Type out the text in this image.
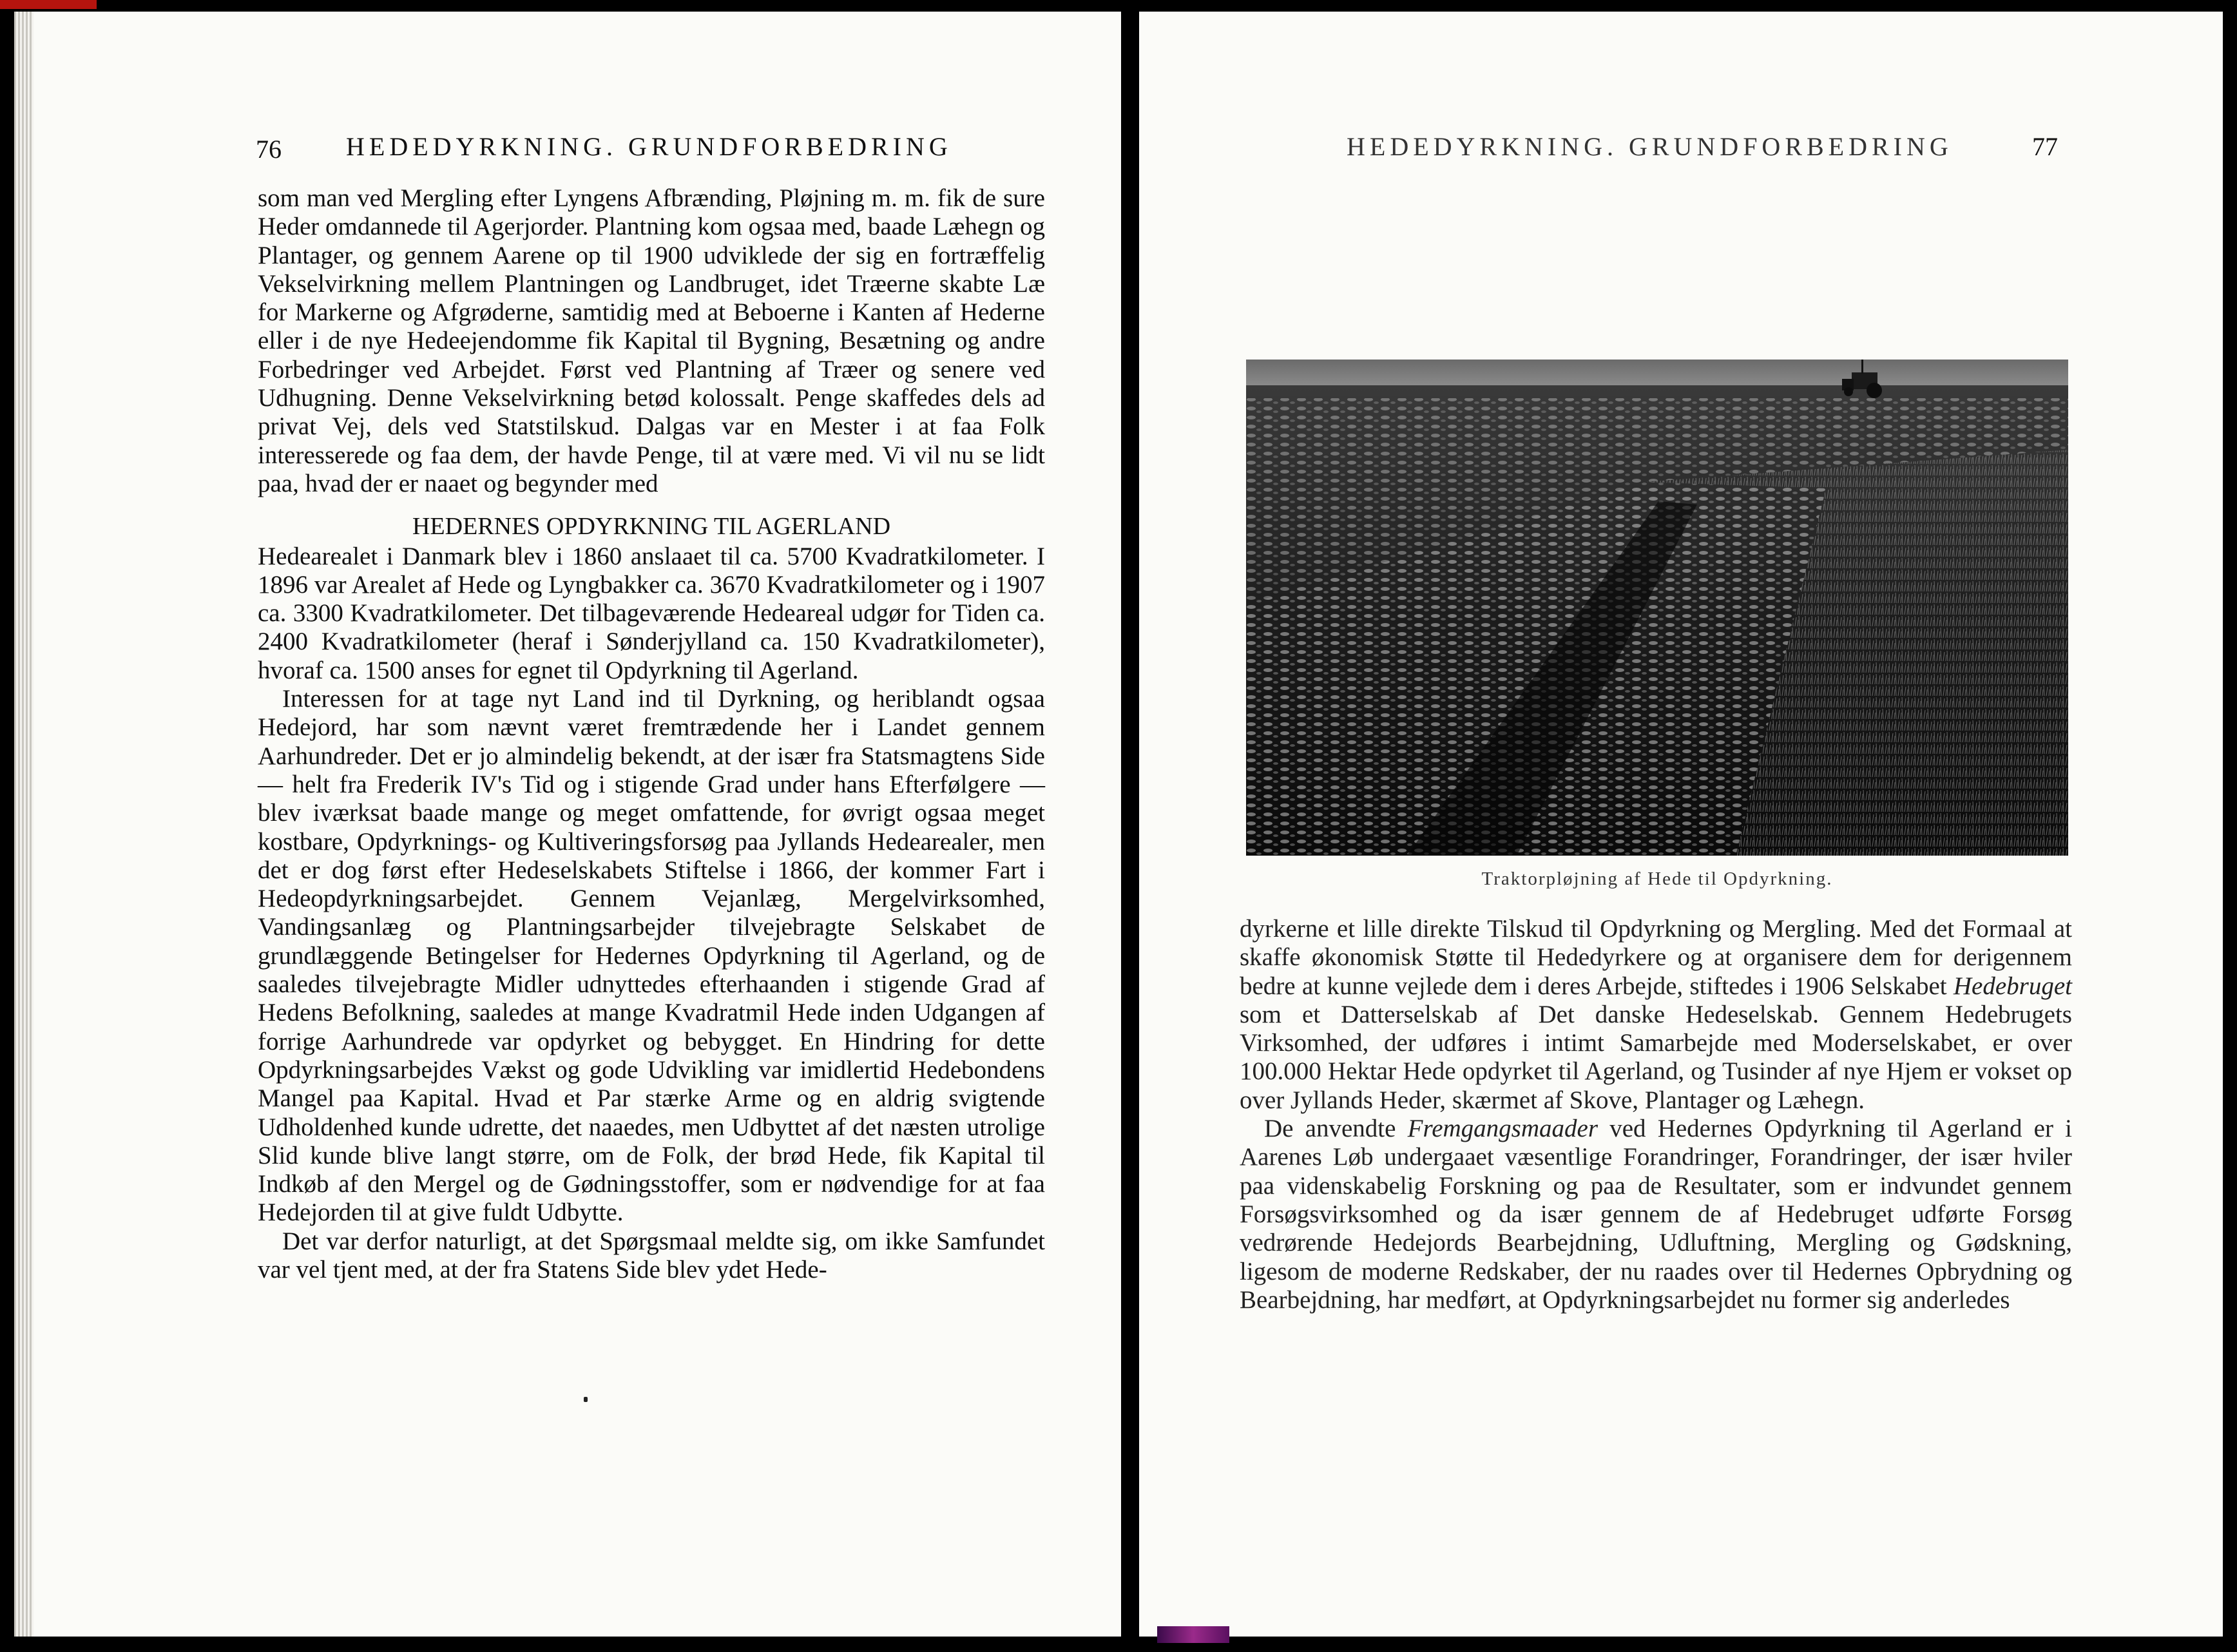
76	HEDEDYRKNING. GRUNDFORBEDRING

som man ved Mergling efter Lyngens Afbrænding, Pløjning m. m. fik de sure Heder omdannede til Agerjorder. Plantning kom ogsaa med, baade Læhegn og Plantager, og gennem Aarene op til 1900 udviklede der sig en fortræffelig Vekselvirkning mellem Plantningen og Landbruget, idet Træerne skabte Læ for Markerne og Afgrøderne, samtidig med at Beboerne i Kanten af Hederne eller i de nye Hedeejendomme fik Kapital til Bygning, Besætning og andre Forbedringer ved Arbejdet. Først ved Plantning af Træer og senere ved Udhugning. Denne Vekselvirkning betød kolossalt. Penge skaffedes dels ad privat Vej, dels ved Statstilskud. Dalgas var en Mester i at faa Folk interesserede og faa dem, der havde Penge, til at være med. Vi vil nu se lidt paa, hvad der er naaet og begynder med

HEDERNES OPDYRKNING TIL AGERLAND

Hedearealet i Danmark blev i 1860 anslaaet til ca. 5700 Kvadratkilometer. I 1896 var Arealet af Hede og Lyngbakker ca. 3670 Kvadratkilometer og i 1907 ca. 3300 Kvadratkilometer. Det tilbageværende Hedeareal udgør for Tiden ca. 2400 Kvadratkilometer (heraf i Sønderjylland ca. 150 Kvadratkilometer), hvoraf ca. 1500 anses for egnet til Opdyrkning til Agerland.

Interessen for at tage nyt Land ind til Dyrkning, og heriblandt ogsaa Hedejord, har som nævnt været fremtrædende her i Landet gennem Aarhundreder. Det er jo almindelig bekendt, at der især fra Statsmagtens Side — helt fra Frederik IV's Tid og i stigende Grad under hans Efterfølgere — blev iværksat baade mange og meget omfattende, for øvrigt ogsaa meget kostbare, Opdyrknings- og Kultiveringsforsøg paa Jyllands Hedearealer, men det er dog først efter Hedeselskabets Stiftelse i 1866, der kommer Fart i Hedeopdyrkningsarbejdet. Gennem Vejanlæg, Mergelvirksomhed, Vandingsanlæg og Plantningsarbejder tilvejebragte Selskabet de grundlæggende Betingelser for Hedernes Opdyrkning til Agerland, og de saaledes tilvejebragte Midler udnyttedes efterhaanden i stigende Grad af Hedens Befolkning, saaledes at mange Kvadratmil Hede inden Udgangen af forrige Aarhundrede var opdyrket og bebygget. En Hindring for dette Opdyrkningsarbejdes Vækst og gode Udvikling var imidlertid Hedebondens Mangel paa Kapital. Hvad et Par stærke Arme og en aldrig svigtende Udholdenhed kunde udrette, det naaedes, men Udbyttet af det næsten utrolige Slid kunde blive langt større, om de Folk, der brød Hede, fik Kapital til Indkøb af den Mergel og de Gødningsstoffer, som er nødvendige for at faa Hedejorden til at give fuldt Udbytte.

Det var derfor naturligt, at det Spørgsmaal meldte sig, om ikke Samfundet var vel tjent med, at der fra Statens Side blev ydet Hede-

HEDEDYRKNING. GRUNDFORBEDRING	77
Traktorpløjning af Hede til Opdyrkning.

dyrkerne et lille direkte Tilskud til Opdyrkning og Mergling. Med det Formaal at skaffe økonomisk Støtte til Hededyrkere og at organisere dem for derigennem bedre at kunne vejlede dem i deres Arbejde, stiftedes i 1906 Selskabet Hedebruget som et Datterselskab af Det danske Hedeselskab. Gennem Hedebrugets Virksomhed, der udføres i intimt Samarbejde med Moderselskabet, er over 100.000 Hektar Hede opdyrket til Agerland, og Tusinder af nye Hjem er vokset op over Jyllands Heder, skærmet af Skove, Plantager og Læhegn.

De anvendte Fremgangsmaader ved Hedernes Opdyrkning til Agerland er i Aarenes Løb undergaaet væsentlige Forandringer, Forandringer, der især hviler paa videnskabelig Forskning og paa de Resultater, som er indvundet gennem Forsøgsvirksomhed og da især gennem de af Hedebruget udførte Forsøg vedrørende Hedejords Bearbejdning, Udluftning, Mergling og Gødskning, ligesom de moderne Redskaber, der nu raades over til Hedernes Opbrydning og Bearbejdning, har medført, at Opdyrkningsarbejdet nu former sig anderledes
